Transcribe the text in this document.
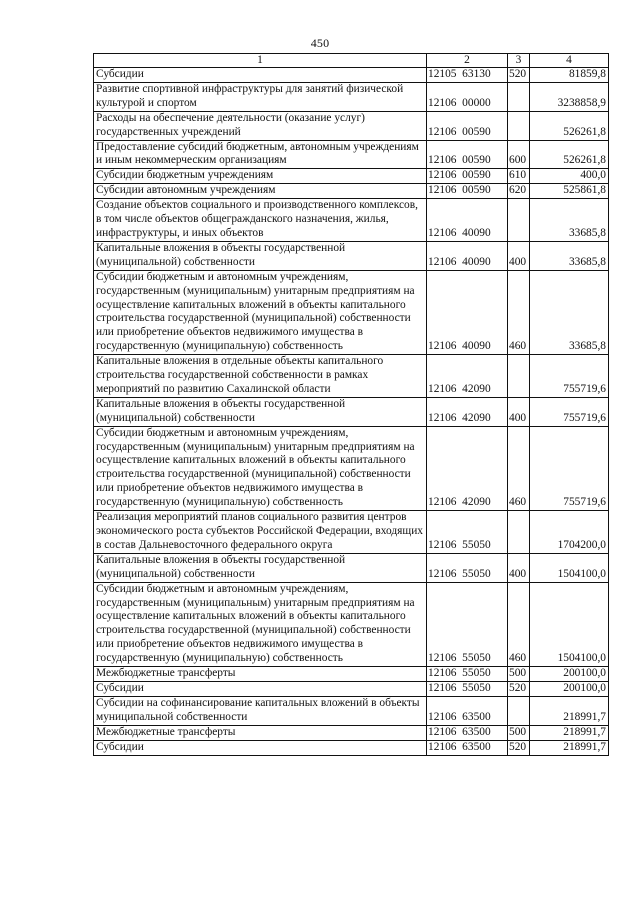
450
1	2	3	4
Субсидии	12105  63130	520	81859,8
Развитие спортивной инфраструктуры для занятий физической культурой и спортом	12106  00000		3238858,9
Расходы на обеспечение деятельности (оказание услуг) государственных учреждений	12106  00590		526261,8
Предоставление субсидий бюджетным, автономным учреждениям и иным некоммерческим организациям	12106  00590	600	526261,8
Субсидии бюджетным учреждениям	12106  00590	610	400,0
Субсидии автономным учреждениям	12106  00590	620	525861,8
Создание объектов социального и производственного комплексов, в том числе объектов общегражданского назначения, жилья, инфраструктуры, и иных объектов	12106  40090		33685,8
Капитальные вложения в объекты государственной (муниципальной) собственности	12106  40090	400	33685,8
Субсидии бюджетным и автономным учреждениям, государственным (муниципальным) унитарным предприятиям на осуществление капитальных вложений в объекты капитального строительства государственной (муниципальной) собственности или приобретение объектов недвижимого имущества в государственную (муниципальную) собственность	12106  40090	460	33685,8
Капитальные вложения в отдельные объекты капитального строительства государственной собственности в рамках мероприятий по развитию Сахалинской области	12106  42090		755719,6
Капитальные вложения в объекты государственной (муниципальной) собственности	12106  42090	400	755719,6
Субсидии бюджетным и автономным учреждениям, государственным (муниципальным) унитарным предприятиям на осуществление капитальных вложений в объекты капитального строительства государственной (муниципальной) собственности или приобретение объектов недвижимого имущества в государственную (муниципальную) собственность	12106  42090	460	755719,6
Реализация мероприятий планов социального развития центров экономического роста субъектов Российской Федерации, входящих в состав Дальневосточного федерального округа	12106  55050		1704200,0
Капитальные вложения в объекты государственной (муниципальной) собственности	12106  55050	400	1504100,0
Субсидии бюджетным и автономным учреждениям, государственным (муниципальным) унитарным предприятиям на осуществление капитальных вложений в объекты капитального строительства государственной (муниципальной) собственности или приобретение объектов недвижимого имущества в государственную (муниципальную) собственность	12106  55050	460	1504100,0
Межбюджетные трансферты	12106  55050	500	200100,0
Субсидии	12106  55050	520	200100,0
Субсидии на софинансирование капитальных вложений в объекты муниципальной собственности	12106  63500		218991,7
Межбюджетные трансферты	12106  63500	500	218991,7
Субсидии	12106  63500	520	218991,7
